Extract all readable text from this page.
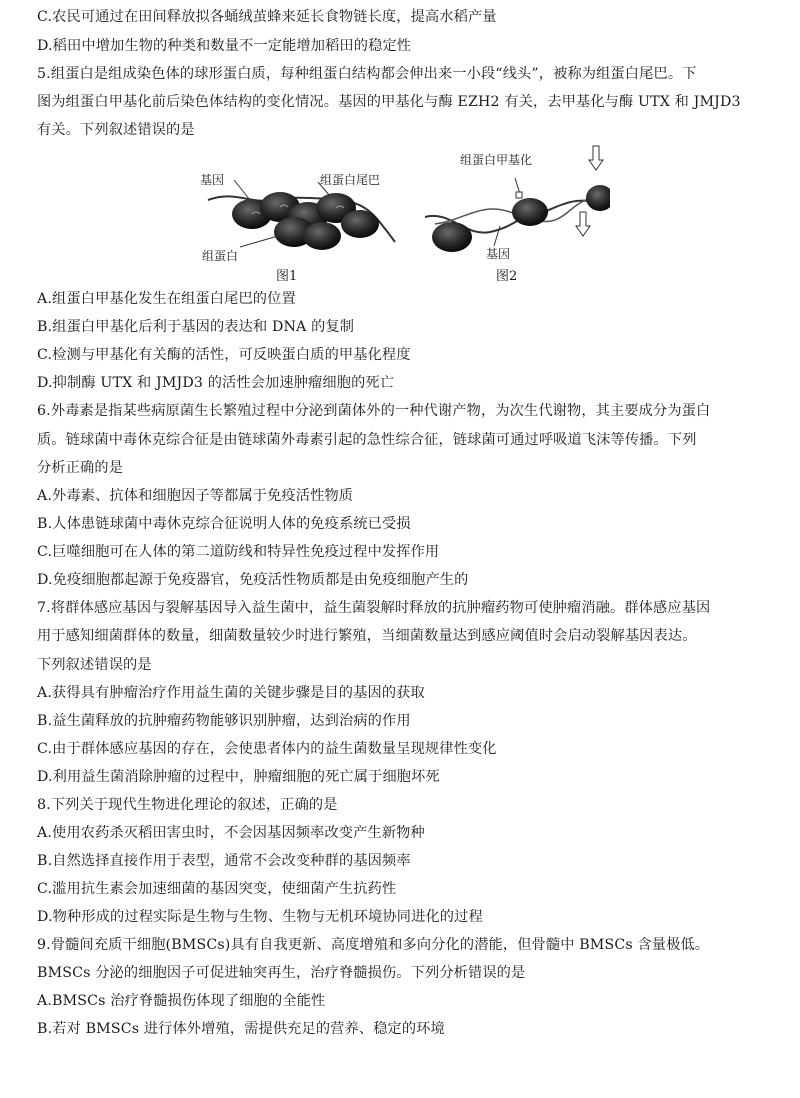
C.农民可通过在田间释放拟各蛹绒茧蜂来延长食物链长度，提高水稻产量
D.稻田中增加生物的种类和数量不一定能增加稻田的稳定性
5.组蛋白是组成染色体的球形蛋白质，每种组蛋白结构都会伸出来一小段“线头”，被称为组蛋白尾巴。下
图为组蛋白甲基化前后染色体结构的变化情况。基因的甲基化与酶 EZH2 有关，去甲基化与酶 UTX 和 JMJD3
有关。下列叙述错误的是
基因	组蛋白尾巴
组蛋白
图1
组蛋白甲基化
基因
图2
A.组蛋白甲基化发生在组蛋白尾巴的位置
B.组蛋白甲基化后利于基因的表达和 DNA 的复制
C.检测与甲基化有关酶的活性，可反映蛋白质的甲基化程度
D.抑制酶 UTX 和 JMJD3 的活性会加速肿瘤细胞的死亡
6.外毒素是指某些病原菌生长繁殖过程中分泌到菌体外的一种代谢产物，为次生代谢物，其主要成分为蛋白
质。链球菌中毒休克综合征是由链球菌外毒素引起的急性综合征，链球菌可通过呼吸道飞沫等传播。下列
分析正确的是
A.外毒素、抗体和细胞因子等都属于免疫活性物质
B.人体患链球菌中毒休克综合征说明人体的免疫系统已受损
C.巨噬细胞可在人体的第二道防线和特异性免疫过程中发挥作用
D.免疫细胞都起源于免疫器官，免疫活性物质都是由免疫细胞产生的
7.将群体感应基因与裂解基因导入益生菌中，益生菌裂解时释放的抗肿瘤药物可使肿瘤消融。群体感应基因
用于感知细菌群体的数量，细菌数量较少时进行繁殖，当细菌数量达到感应阈值时会启动裂解基因表达。
下列叙述错误的是
A.获得具有肿瘤治疗作用益生菌的关键步骤是目的基因的获取
B.益生菌释放的抗肿瘤药物能够识别肿瘤，达到治病的作用
C.由于群体感应基因的存在，会使患者体内的益生菌数量呈现规律性变化
D.利用益生菌消除肿瘤的过程中，肿瘤细胞的死亡属于细胞坏死
8.下列关于现代生物进化理论的叙述，正确的是
A.使用农药杀灭稻田害虫时，不会因基因频率改变产生新物种
B.自然选择直接作用于表型，通常不会改变种群的基因频率
C.滥用抗生素会加速细菌的基因突变，使细菌产生抗药性
D.物种形成的过程实际是生物与生物、生物与无机环境协同进化的过程
9.骨髓间充质干细胞(BMSCs)具有自我更新、高度增殖和多向分化的潜能，但骨髓中 BMSCs 含量极低。
BMSCs 分泌的细胞因子可促进轴突再生，治疗脊髓损伤。下列分析错误的是
A.BMSCs 治疗脊髓损伤体现了细胞的全能性
B.若对 BMSCs 进行体外增殖，需提供充足的营养、稳定的环境
